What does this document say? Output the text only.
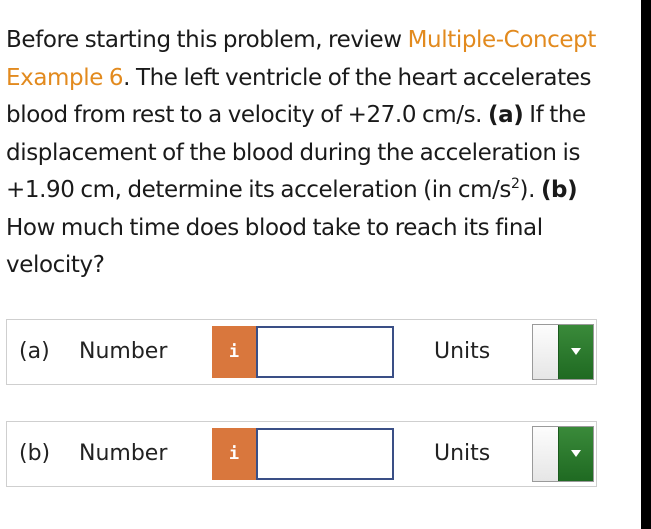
Before starting this problem, review Multiple-Concept Example 6. The left ventricle of the heart accelerates blood from rest to a velocity of +27.0 cm/s. (a) If the displacement of the blood during the acceleration is +1.90 cm, determine its acceleration (in $cm/s^2$). (b) How much time does blood take to reach its final velocity?
(a) Number	i	Units
(b) Number	i	Units
